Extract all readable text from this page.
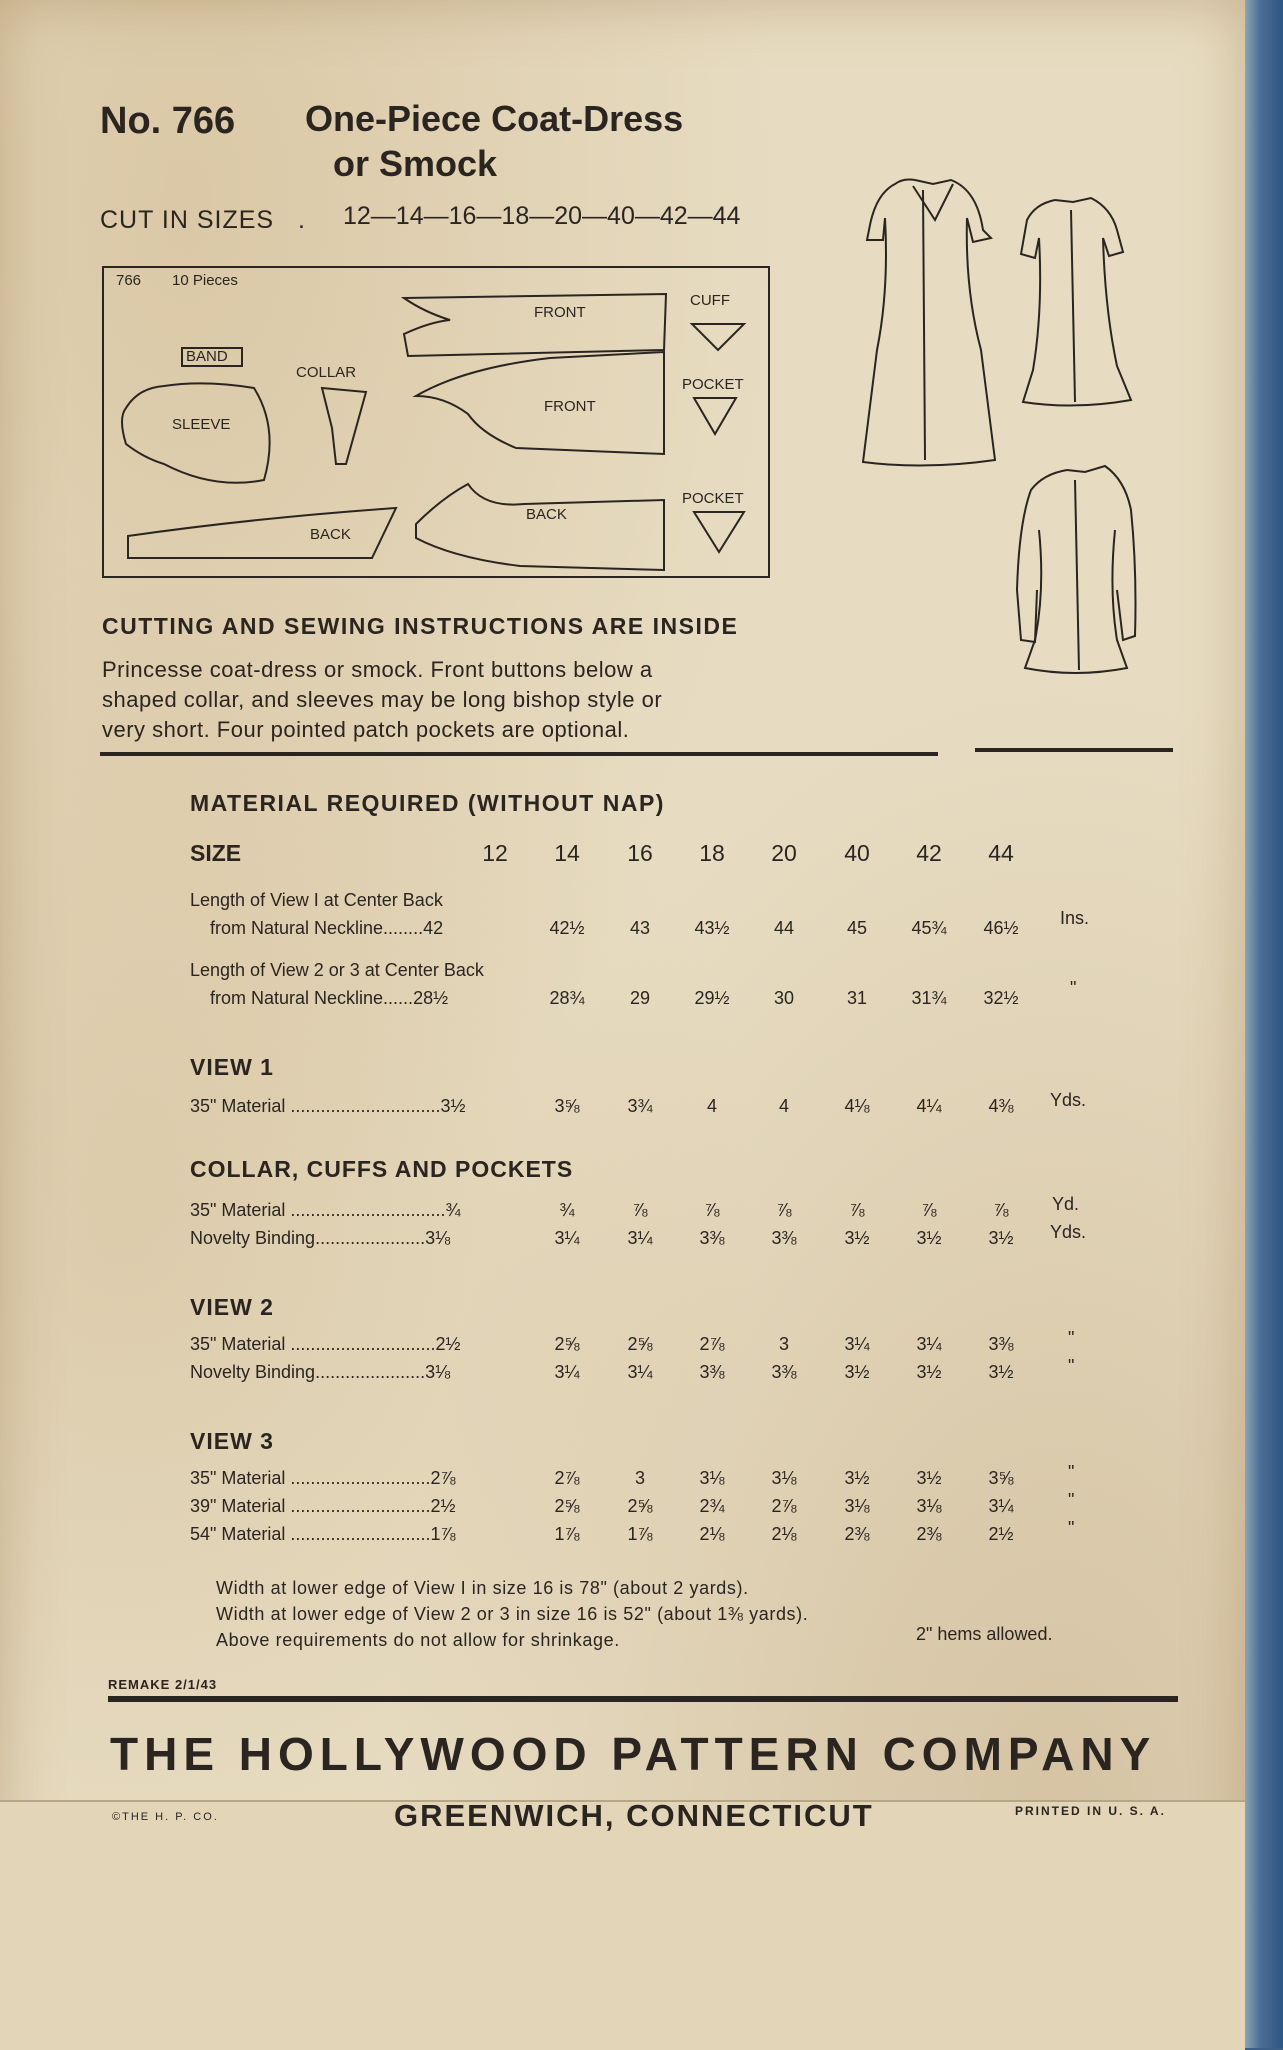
No. 766 One-Piece Coat-Dress
or Smock
CUT IN SIZES . 12—14—16—18—20—40—42—44
766 10 Pieces
BAND
COLLAR
SLEEVE
FRONT
FRONT
BACK
BACK
CUFF
POCKET
POCKET
CUTTING AND SEWING INSTRUCTIONS ARE INSIDE
Princesse coat-dress or smock. Front buttons below a
shaped collar, and sleeves may be long bishop style or
very short. Four pointed patch pockets are optional.
MATERIAL REQUIRED (WITHOUT NAP)
SIZE	12	14	16	18	20	40	42	44
Length of View I at Center Back
from Natural Neckline........42	42½	43	43½	44	45	45¾	46½	Ins.
Length of View 2 or 3 at Center Back
from Natural Neckline......28½	28¾	29	29½	30	31	31¾	32½	"
VIEW 1
35" Material ..............................3½	3⅝	3¾	4	4	4⅛	4¼	4⅜	Yds.
COLLAR, CUFFS AND POCKETS
35" Material ...............................¾	¾	⅞	⅞	⅞	⅞	⅞	⅞	Yd.
Novelty Binding......................3⅛	3¼	3¼	3⅜	3⅜	3½	3½	3½	Yds.
VIEW 2
35" Material .............................2½	2⅝	2⅝	2⅞	3	3¼	3¼	3⅜	"
Novelty Binding......................3⅛	3¼	3¼	3⅜	3⅜	3½	3½	3½	"
VIEW 3
35" Material ............................2⅞	2⅞	3	3⅛	3⅛	3½	3½	3⅝	"
39" Material ............................2½	2⅝	2⅝	2¾	2⅞	3⅛	3⅛	3¼	"
54" Material ............................1⅞	1⅞	1⅞	2⅛	2⅛	2⅜	2⅜	2½	"
Width at lower edge of View I in size 16 is 78" (about 2 yards).
Width at lower edge of View 2 or 3 in size 16 is 52" (about 1⅜ yards).
Above requirements do not allow for shrinkage.	2" hems allowed.
REMAKE 2/1/43
THE HOLLYWOOD PATTERN COMPANY
©THE H. P. CO.	GREENWICH, CONNECTICUT	PRINTED IN U. S. A.
